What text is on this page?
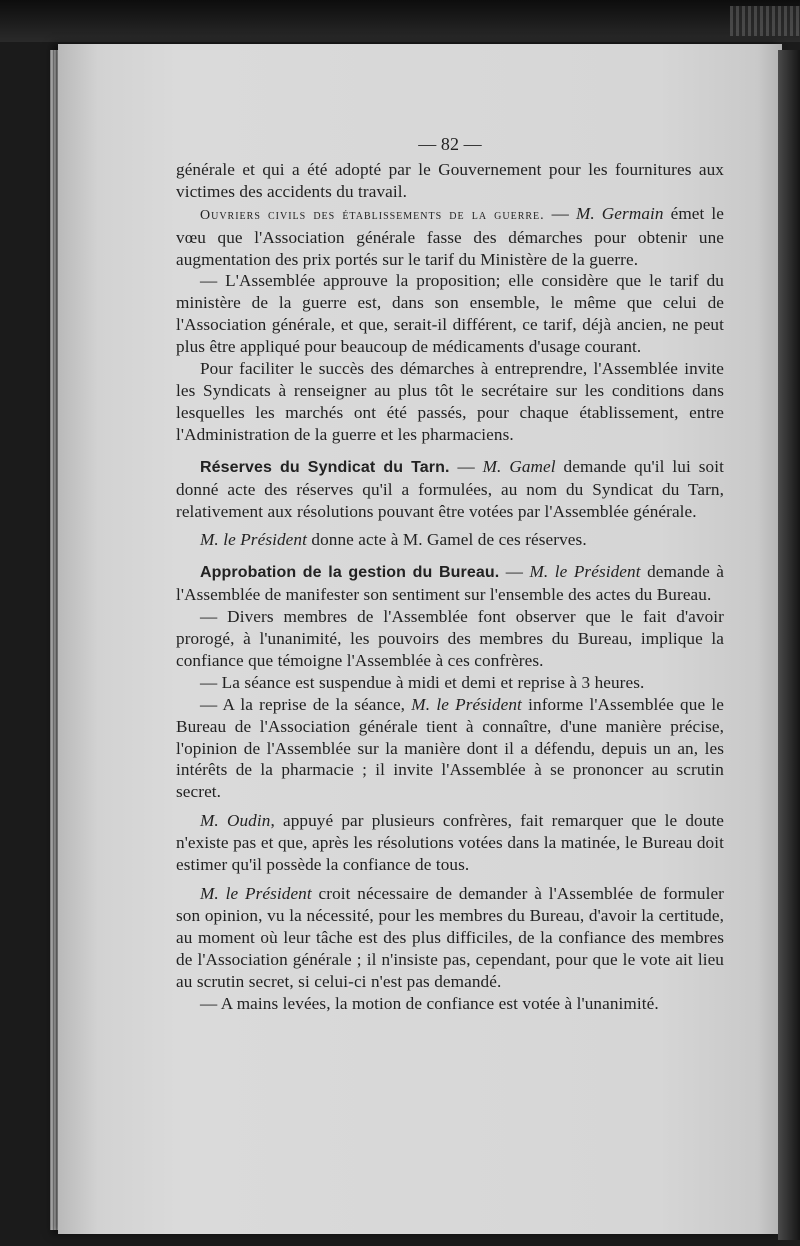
— 82 —

générale et qui a été adopté par le Gouvernement pour les fournitures aux victimes des accidents du travail.

Ouvriers civils des établissements de la guerre. — M. Germain émet le vœu que l'Association générale fasse des démarches pour obtenir une augmentation des prix portés sur le tarif du Ministère de la guerre.

— L'Assemblée approuve la proposition; elle considère que le tarif du ministère de la guerre est, dans son ensemble, le même que celui de l'Association générale, et que, serait-il différent, ce tarif, déjà ancien, ne peut plus être appliqué pour beaucoup de médicaments d'usage courant.

Pour faciliter le succès des démarches à entreprendre, l'Assemblée invite les Syndicats à renseigner au plus tôt le secrétaire sur les conditions dans lesquelles les marchés ont été passés, pour chaque établissement, entre l'Administration de la guerre et les pharmaciens.

Réserves du Syndicat du Tarn. — M. Gamel demande qu'il lui soit donné acte des réserves qu'il a formulées, au nom du Syndicat du Tarn, relativement aux résolutions pouvant être votées par l'Assemblée générale.

M. le Président donne acte à M. Gamel de ces réserves.

Approbation de la gestion du Bureau. — M. le Président demande à l'Assemblée de manifester son sentiment sur l'ensemble des actes du Bureau.

— Divers membres de l'Assemblée font observer que le fait d'avoir prorogé, à l'unanimité, les pouvoirs des membres du Bureau, implique la confiance que témoigne l'Assemblée à ces confrères.

— La séance est suspendue à midi et demi et reprise à 3 heures.

— A la reprise de la séance, M. le Président informe l'Assemblée que le Bureau de l'Association générale tient à connaître, d'une manière précise, l'opinion de l'Assemblée sur la manière dont il a défendu, depuis un an, les intérêts de la pharmacie ; il invite l'Assemblée à se prononcer au scrutin secret.

M. Oudin, appuyé par plusieurs confrères, fait remarquer que le doute n'existe pas et que, après les résolutions votées dans la matinée, le Bureau doit estimer qu'il possède la confiance de tous.

M. le Président croit nécessaire de demander à l'Assemblée de formuler son opinion, vu la nécessité, pour les membres du Bureau, d'avoir la certitude, au moment où leur tâche est des plus difficiles, de la confiance des membres de l'Association générale ; il n'insiste pas, cependant, pour que le vote ait lieu au scrutin secret, si celui-ci n'est pas demandé.

— A mains levées, la motion de confiance est votée à l'unanimité.
